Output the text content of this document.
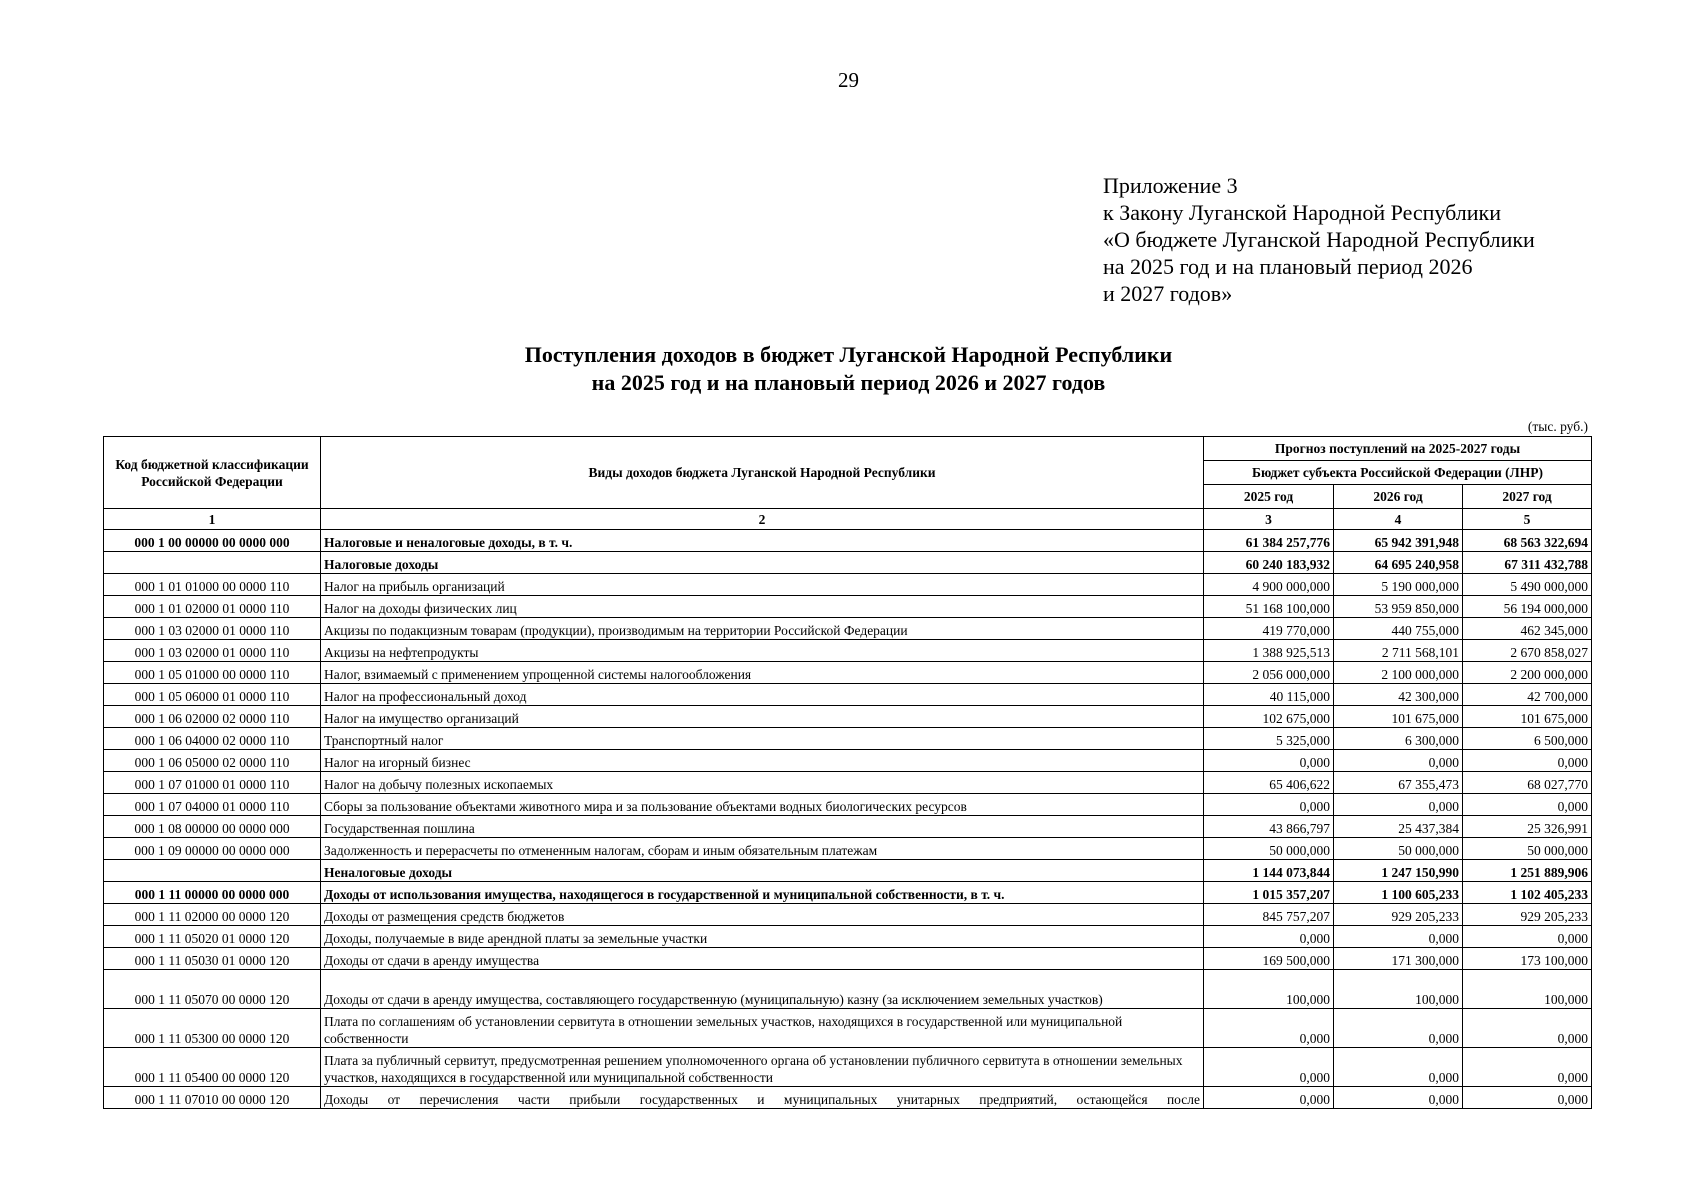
29
Приложение 3
к Закону Луганской Народной Республики
«О бюджете Луганской Народной Республики
на 2025 год и на плановый период 2026
и 2027 годов»
Поступления доходов в бюджет Луганской Народной Республики
на 2025 год и на плановый период 2026 и 2027 годов
(тыс. руб.)
Код бюджетной классификации Российской Федерации	Виды доходов бюджета Луганской Народной Республики	Прогноз поступлений на 2025-2027 годы		
		Бюджет субъекта Российской Федерации (ЛНР)		
		2025 год	2026 год	2027 год
1	2	3	4	5
000 1 00 00000 00 0000 000	Налоговые и неналоговые доходы, в т. ч.	61 384 257,776	65 942 391,948	68 563 322,694
	Налоговые доходы	60 240 183,932	64 695 240,958	67 311 432,788
000 1 01 01000 00 0000 110	Налог на прибыль организаций	4 900 000,000	5 190 000,000	5 490 000,000
000 1 01 02000 01 0000 110	Налог на доходы физических лиц	51 168 100,000	53 959 850,000	56 194 000,000
000 1 03 02000 01 0000 110	Акцизы по подакцизным товарам (продукции), производимым на территории Российской Федерации	419 770,000	440 755,000	462 345,000
000 1 03 02000 01 0000 110	Акцизы на нефтепродукты	1 388 925,513	2 711 568,101	2 670 858,027
000 1 05 01000 00 0000 110	Налог, взимаемый с применением упрощенной системы налогообложения	2 056 000,000	2 100 000,000	2 200 000,000
000 1 05 06000 01 0000 110	Налог на профессиональный доход	40 115,000	42 300,000	42 700,000
000 1 06 02000 02 0000 110	Налог на имущество организаций	102 675,000	101 675,000	101 675,000
000 1 06 04000 02 0000 110	Транспортный налог	5 325,000	6 300,000	6 500,000
000 1 06 05000 02 0000 110	Налог на игорный бизнес	0,000	0,000	0,000
000 1 07 01000 01 0000 110	Налог на добычу полезных ископаемых	65 406,622	67 355,473	68 027,770
000 1 07 04000 01 0000 110	Сборы за пользование объектами животного мира и за пользование объектами водных биологических ресурсов	0,000	0,000	0,000
000 1 08 00000 00 0000 000	Государственная пошлина	43 866,797	25 437,384	25 326,991
000 1 09 00000 00 0000 000	Задолженность и перерасчеты по отмененным налогам, сборам и иным обязательным платежам	50 000,000	50 000,000	50 000,000
	Неналоговые доходы	1 144 073,844	1 247 150,990	1 251 889,906
000 1 11 00000 00 0000 000	Доходы от использования имущества, находящегося в государственной и муниципальной собственности, в т. ч.	1 015 357,207	1 100 605,233	1 102 405,233
000 1 11 02000 00 0000 120	Доходы от размещения средств бюджетов	845 757,207	929 205,233	929 205,233
000 1 11 05020 01 0000 120	Доходы, получаемые в виде арендной платы за земельные участки	0,000	0,000	0,000
000 1 11 05030 01 0000 120	Доходы от сдачи в аренду имущества	169 500,000	171 300,000	173 100,000
000 1 11 05070 00 0000 120	Доходы от сдачи в аренду имущества, составляющего государственную (муниципальную) казну (за исключением земельных участков)	100,000	100,000	100,000
000 1 11 05300 00 0000 120	Плата по соглашениям об установлении сервитута в отношении земельных участков, находящихся в государственной или муниципальной собственности	0,000	0,000	0,000
000 1 11 05400 00 0000 120	Плата за публичный сервитут, предусмотренная решением уполномоченного органа об установлении публичного сервитута в отношении земельных участков, находящихся в государственной или муниципальной собственности	0,000	0,000	0,000
000 1 11 07010 00 0000 120	Доходы от перечисления части прибыли государственных и муниципальных унитарных предприятий, остающейся после	0,000	0,000	0,000
